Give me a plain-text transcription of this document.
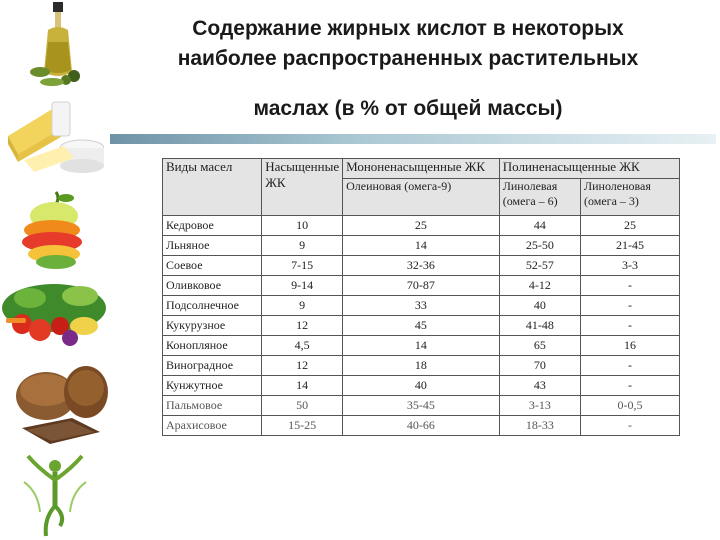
Содержание жирных кислот в некоторых
наиболее распространенных растительных
маслах (в % от общей массы)
Виды масел	Насыщенные ЖК	Мононенасыщенные ЖК	Полиненасыщенные ЖК	
		Олеиновая (омега-9)	Линолевая (омега – 6)	Линоленовая (омега – 3)
Кедровое	10	25	44	25
Льняное	9	14	25-50	21-45
Соевое	7-15	32-36	52-57	3-3
Оливковое	9-14	70-87	4-12	-
Подсолнечное	9	33	40	-
Кукурузное	12	45	41-48	-
Конопляное	4,5	14	65	16
Виноградное	12	18	70	-
Кунжутное	14	40	43	-
Пальмовое	50	35-45	3-13	0-0,5
Арахисовое	15-25	40-66	18-33	-
